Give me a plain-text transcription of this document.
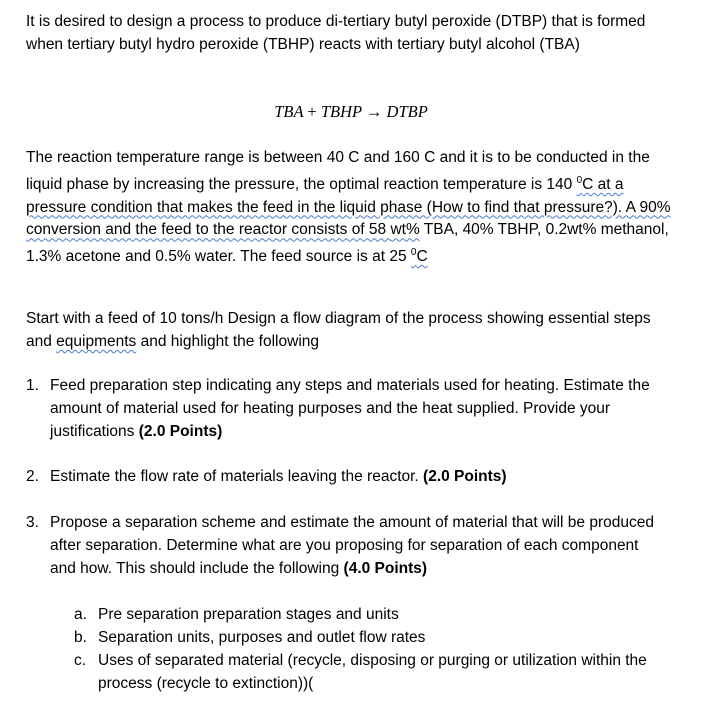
It is desired to design a process to produce di-tertiary butyl peroxide (DTBP) that is formed when tertiary butyl hydro peroxide (TBHP) reacts with tertiary butyl alcohol (TBA)

TBA + TBHP → DTBP

The reaction temperature range is between 40 C and 160 C and it is to be conducted in the liquid phase by increasing the pressure, the optimal reaction temperature is 140 $^0$C at a pressure condition that makes the feed in the liquid phase (How to find that pressure?). A 90% conversion and the feed to the reactor consists of 58 wt% TBA, 40% TBHP, 0.2wt% methanol, 1.3% acetone and 0.5% water. The feed source is at 25 $^0$C

Start with a feed of 10 tons/h Design a flow diagram of the process showing essential steps and equipments and highlight the following

1. Feed preparation step indicating any steps and materials used for heating. Estimate the amount of material used for heating purposes and the heat supplied. Provide your justifications (2.0 Points)
2. Estimate the flow rate of materials leaving the reactor. (2.0 Points)
3. Propose a separation scheme and estimate the amount of material that will be produced after separation. Determine what are you proposing for separation of each component and how. This should include the following (4.0 Points)
a. Pre separation preparation stages and units
b. Separation units, purposes and outlet flow rates
c. Uses of separated material (recycle, disposing or purging or utilization within the process (recycle to extinction))(
